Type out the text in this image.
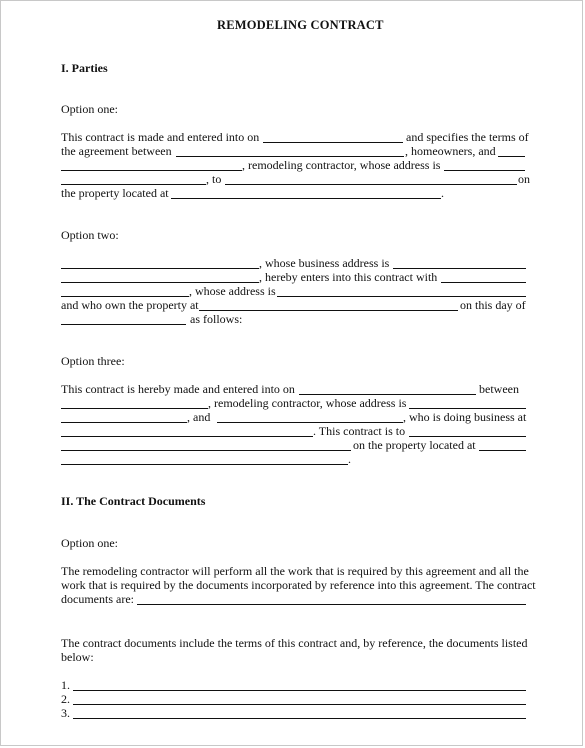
REMODELING CONTRACT
I. Parties
Option one:
This contract is made and entered into on	and specifies the terms of
the agreement between	, homeowners, and
, remodeling contractor, whose address is
, to	on
the property located at	.
Option two:
, whose business address is
, hereby enters into this contract with
, whose address is
and who own the property at	on this day of
as follows:
Option three:
This contract is hereby made and entered into on	between
, remodeling contractor, whose address is
, and	, who is doing business at
. This contract is to
on the property located at
.
II. The Contract Documents
Option one:
The remodeling contractor will perform all the work that is required by this agreement and all the
work that is required by the documents incorporated by reference into this agreement. The contract
documents are:
The contract documents include the terms of this contract and, by reference, the documents listed
below:
1.
2.
3.
